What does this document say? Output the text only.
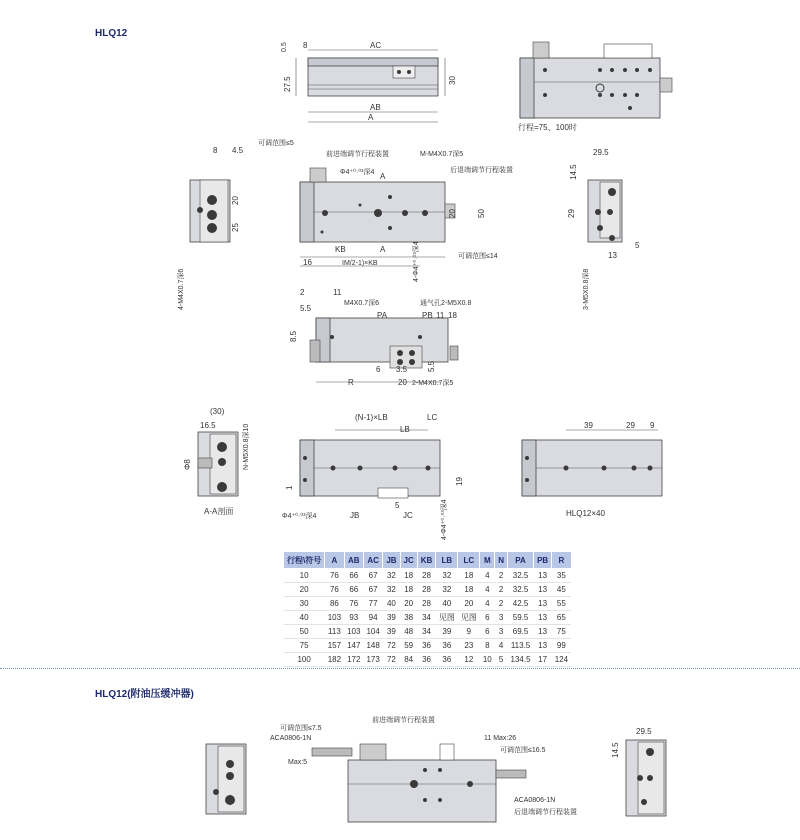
HLQ12
HLQ12(附油压缓冲器)
0.5 8	AC
27.5	30
AB
A
行程=75、100时
8 4.5
20
25
4-M4X0.7深6
可调范围≤5
前进端调节行程装置	M-M4X0.7深5
Φ4⁺⁰·⁰³深4	后退端调节行程装置
A
A
20	50
可调范围≤14
16
KB
IM/2-1)×KB	4-Φ4⁺⁰·⁰³深4
29.5
14.5
29
13
5
3-M5X0.8深8
2	11
5.5
M4X0.7深6	通气孔2-M5X0.8
8.5
PA	PB 11 18
6 3.5 5.5
R	20 2-M4X0.7深5
(30)
16.5
Φ8	N-M5X0.8深10
A-A剖面
(N-1)×LB	LC
LB
1
5
19
Φ4⁺⁰·⁰³深4	JB	JC	4-Φ4⁺⁰·⁰³深4
39	29 9
HLQ12×40
前进端调节行程装置
可调范围≤7.5
ACA0806-1N
Max:5
11 Max:26
可调范围≤16.5
ACA0806-1N
后退端调节行程装置
29.5
14.5
行程\符号	A	AB	AC	JB	JC	KB	LB	LC	M	N	PA	PB	R
10	76	66	67	32	18	28	32	18	4	2	32.5	13	35
20	76	66	67	32	18	28	32	18	4	2	32.5	13	45
30	86	76	77	40	20	28	40	20	4	2	42.5	13	55
40	103	93	94	39	38	34	见图	见图	6	3	59.5	13	65
50	113	103	104	39	48	34	39	9	6	3	69.5	13	75
75	157	147	148	72	59	36	36	23	8	4	113.5	13	99
100	182	172	173	72	84	36	36	12	10	5	134.5	17	124
